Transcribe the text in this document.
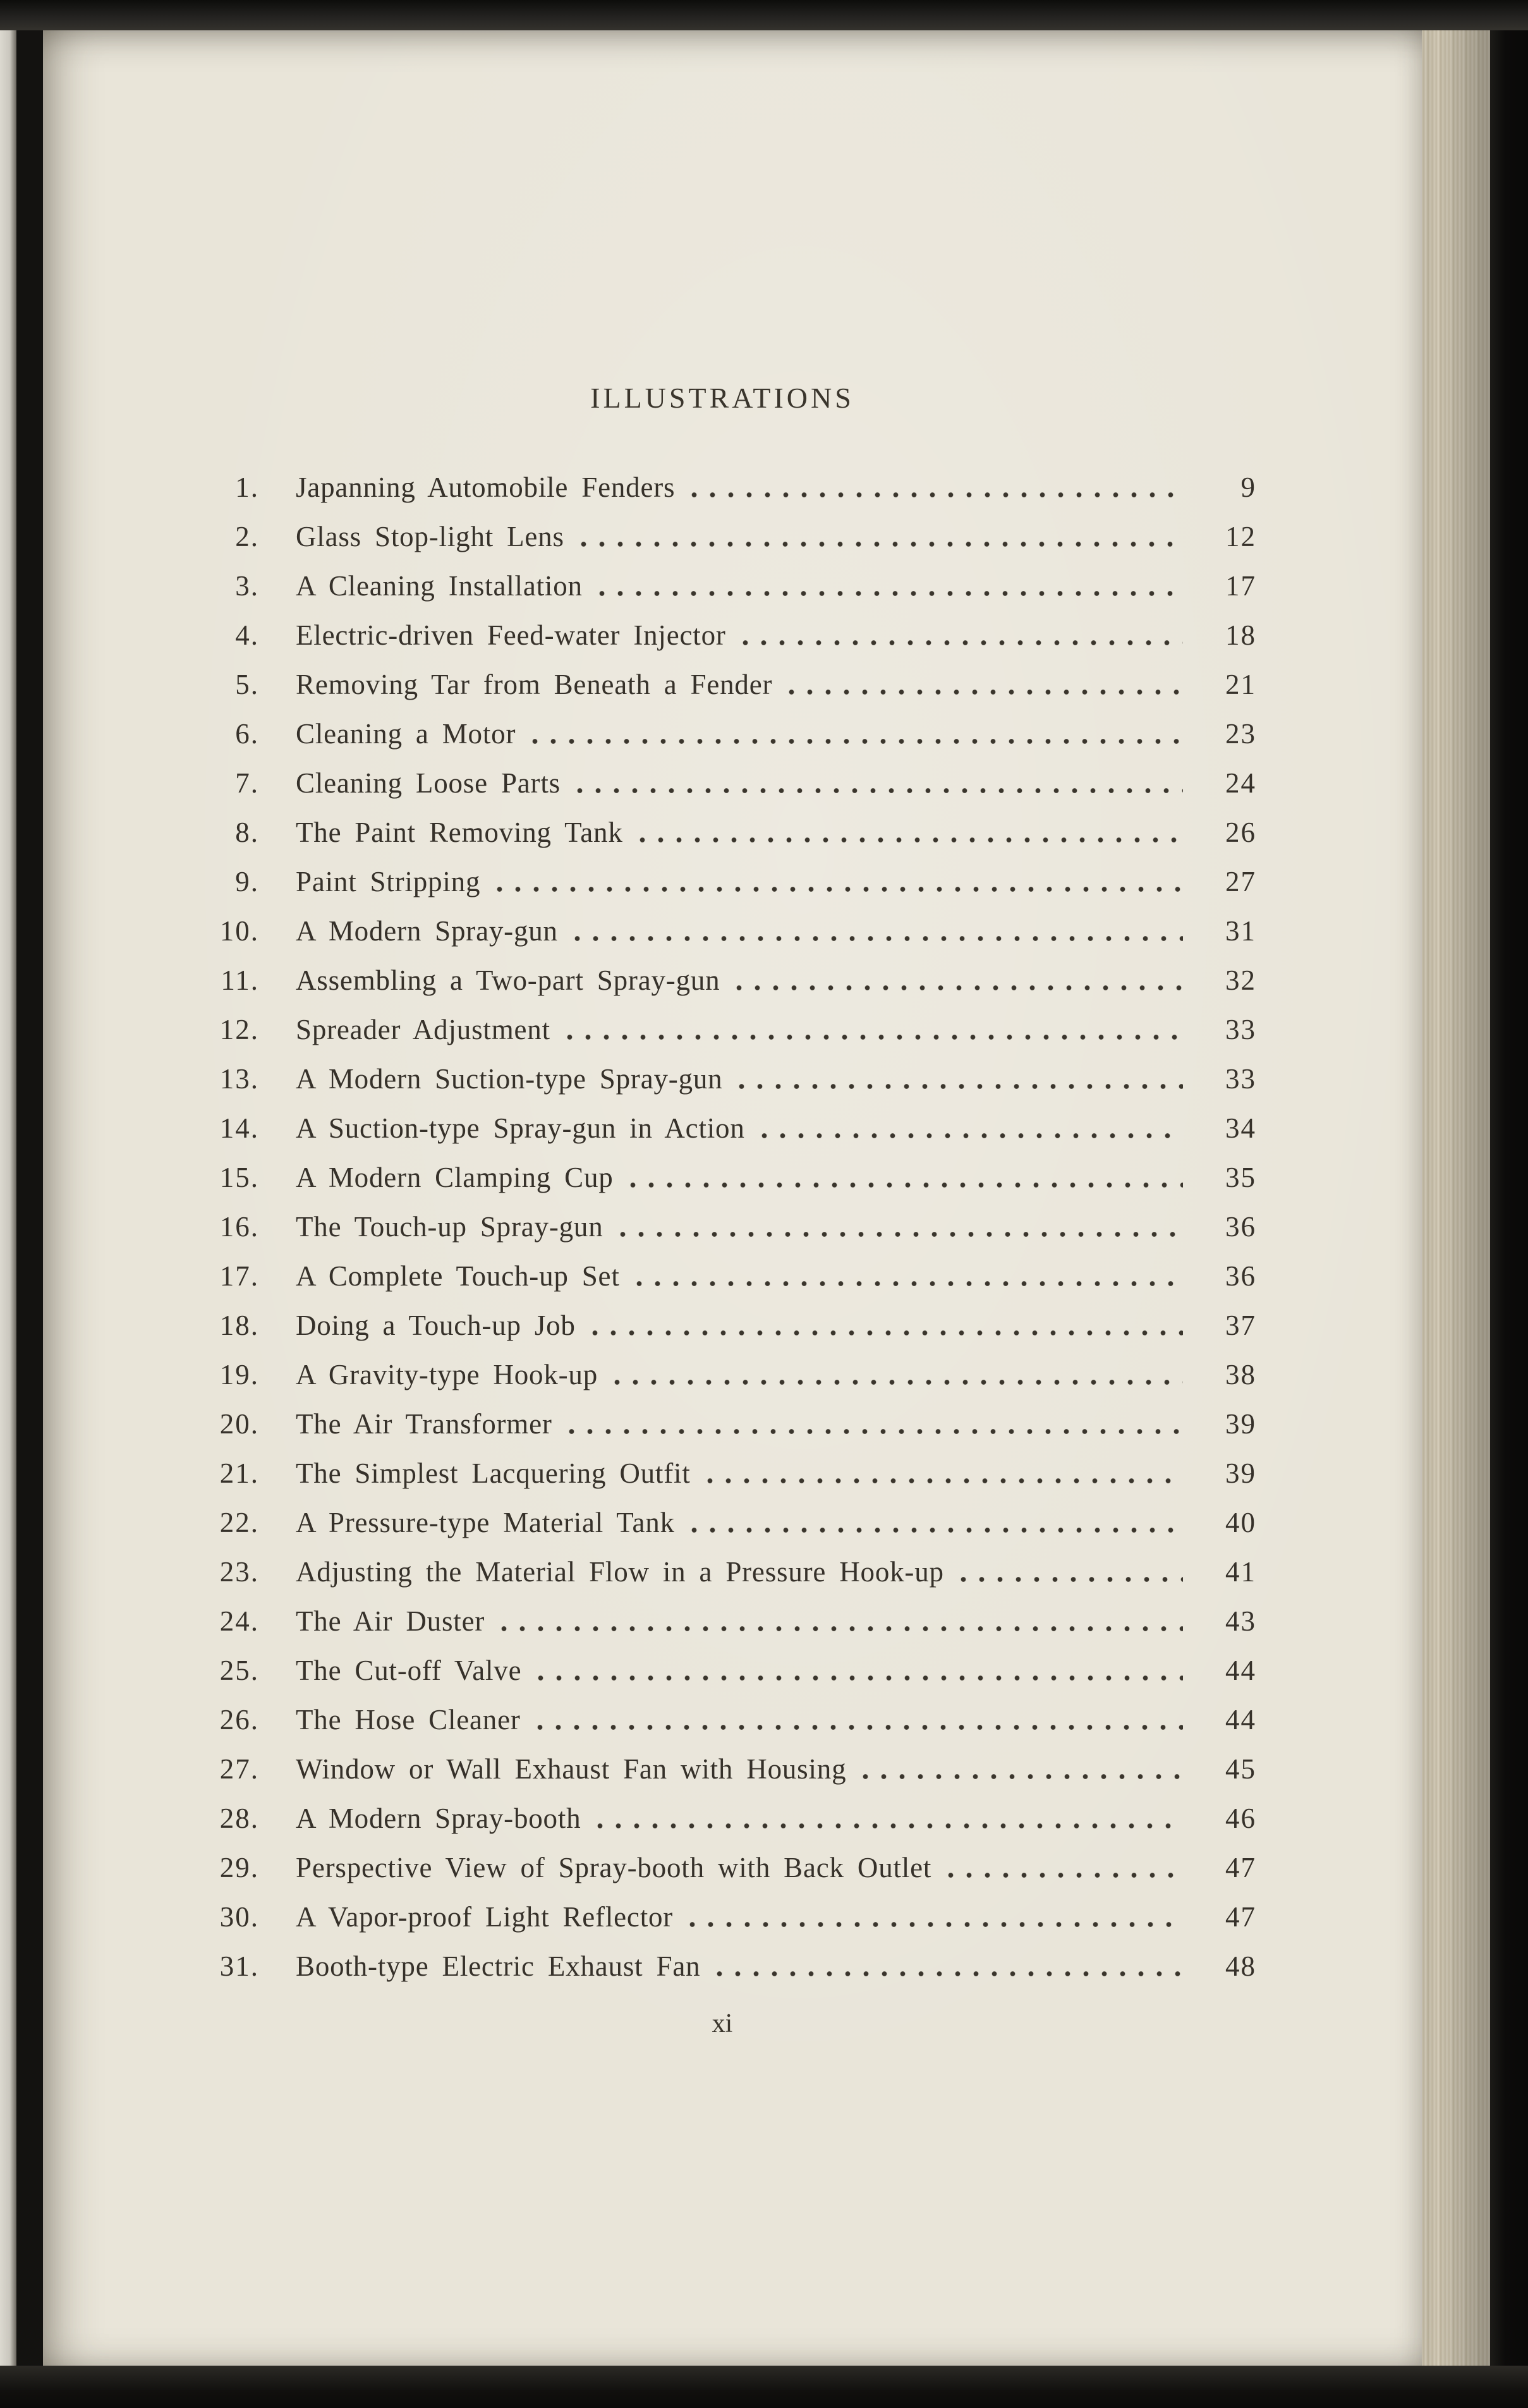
ILLUSTRATIONS
1. Japanning Automobile Fenders	9
2. Glass Stop-light Lens	12
3. A Cleaning Installation	17
4. Electric-driven Feed-water Injector	18
5. Removing Tar from Beneath a Fender	21
6. Cleaning a Motor	23
7. Cleaning Loose Parts	24
8. The Paint Removing Tank	26
9. Paint Stripping	27
10. A Modern Spray-gun	31
11. Assembling a Two-part Spray-gun	32
12. Spreader Adjustment	33
13. A Modern Suction-type Spray-gun	33
14. A Suction-type Spray-gun in Action	34
15. A Modern Clamping Cup	35
16. The Touch-up Spray-gun	36
17. A Complete Touch-up Set	36
18. Doing a Touch-up Job	37
19. A Gravity-type Hook-up	38
20. The Air Transformer	39
21. The Simplest Lacquering Outfit	39
22. A Pressure-type Material Tank	40
23. Adjusting the Material Flow in a Pressure Hook-up	41
24. The Air Duster	43
25. The Cut-off Valve	44
26. The Hose Cleaner	44
27. Window or Wall Exhaust Fan with Housing	45
28. A Modern Spray-booth	46
29. Perspective View of Spray-booth with Back Outlet	47
30. A Vapor-proof Light Reflector	47
31. Booth-type Electric Exhaust Fan	48
xi
